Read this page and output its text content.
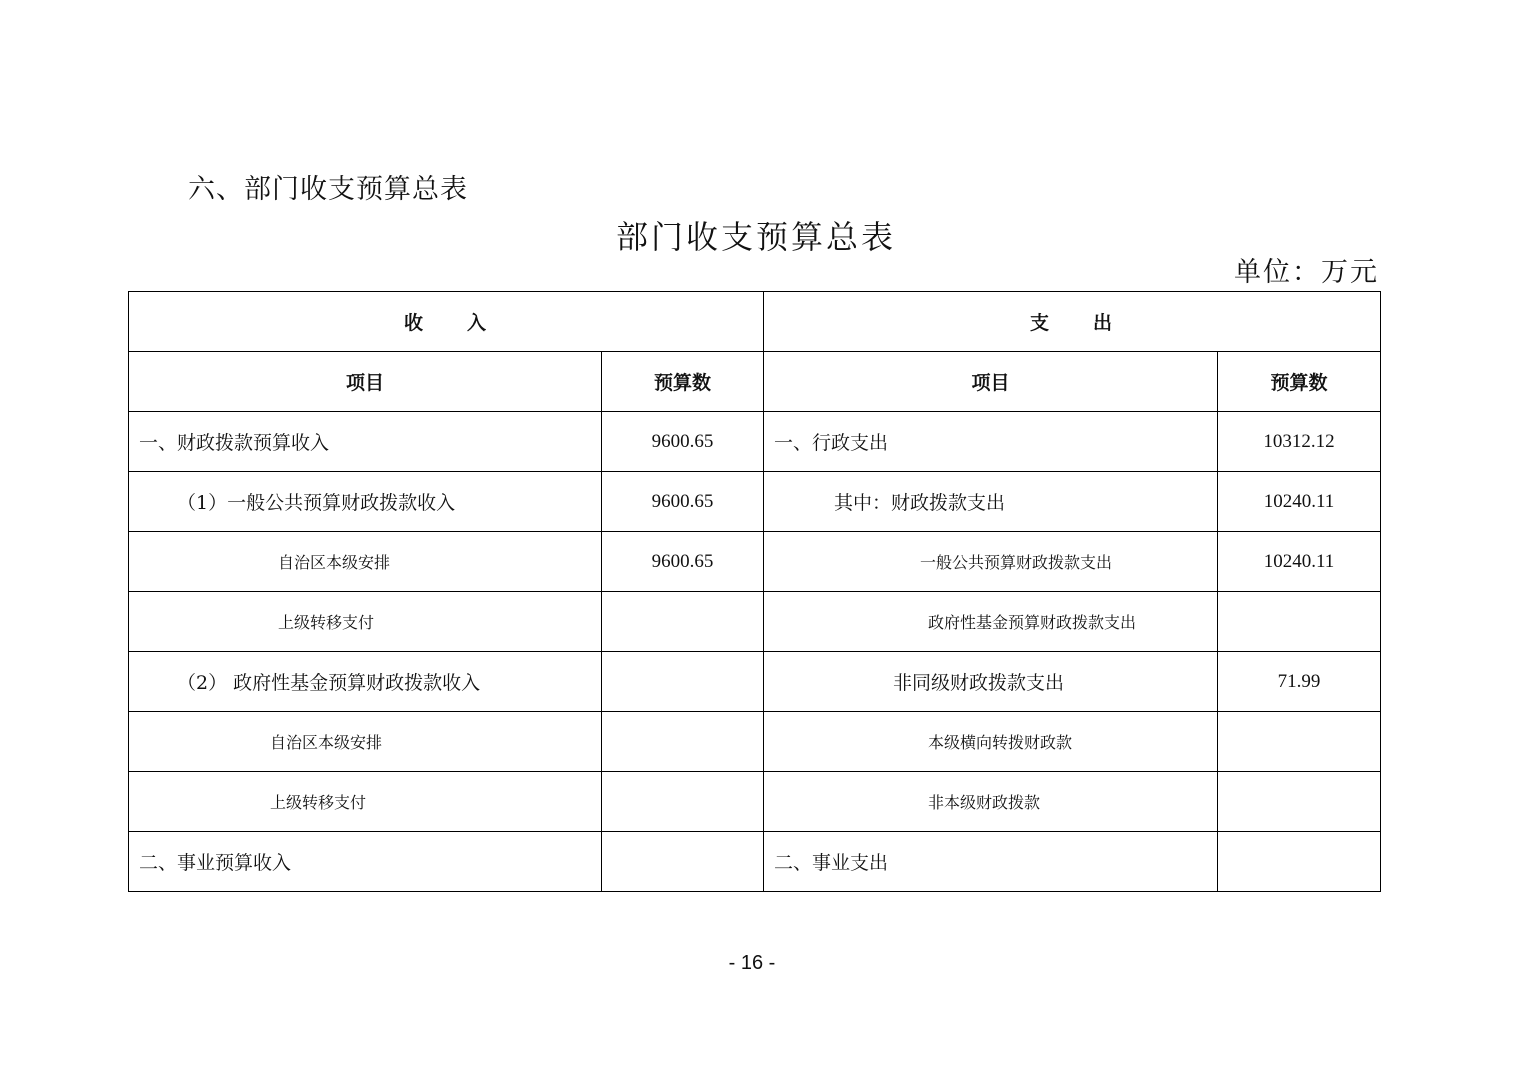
六、部门收支预算总表
部门收支预算总表
单位：万元
收　　入		支　　出	
项目	预算数	项目	预算数
一、财政拨款预算收入	9600.65	一、行政支出	10312.12
（1）一般公共预算财政拨款收入	9600.65	其中：财政拨款支出	10240.11
自治区本级安排	9600.65	一般公共预算财政拨款支出	10240.11
上级转移支付		政府性基金预算财政拨款支出	
（2） 政府性基金预算财政拨款收入		非同级财政拨款支出	71.99
自治区本级安排		本级横向转拨财政款	
上级转移支付		非本级财政拨款	
二、事业预算收入		二、事业支出	
- 16 -
